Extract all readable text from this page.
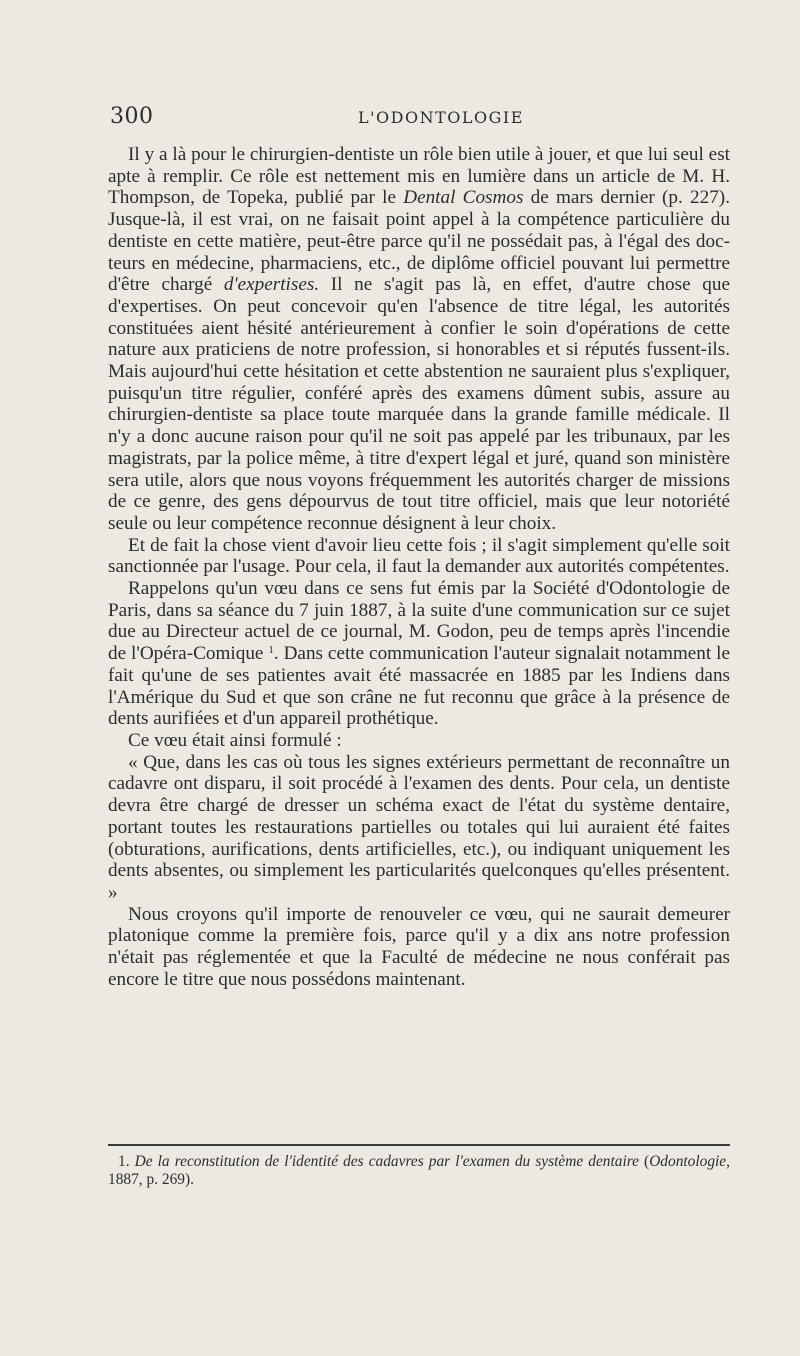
300	L'ODONTOLOGIE

Il y a là pour le chirurgien-dentiste un rôle bien utile à jouer, et que lui seul est apte à remplir. Ce rôle est nettement mis en lumière dans un article de M. H. Thompson, de Topeka, publié par le Dental Cosmos de mars dernier (p. 227). Jusque-là, il est vrai, on ne faisait point appel à la compétence particulière du dentiste en cette matière, peut-être parce qu'il ne possédait pas, à l'égal des docteurs en médecine, pharmaciens, etc., de diplôme officiel pouvant lui permettre d'être chargé d'expertises. Il ne s'agit pas là, en effet, d'autre chose que d'expertises. On peut concevoir qu'en l'absence de titre légal, les autorités constituées aient hésité antérieurement à confier le soin d'opérations de cette nature aux praticiens de notre profession, si honorables et si réputés fussent-ils. Mais aujourd'hui cette hésitation et cette abstention ne sauraient plus s'expliquer, puisqu'un titre régulier, conféré après des examens dûment subis, assure au chirurgien-dentiste sa place toute marquée dans la grande famille médicale. Il n'y a donc aucune raison pour qu'il ne soit pas appelé par les tribunaux, par les magistrats, par la police même, à titre d'expert légal et juré, quand son ministère sera utile, alors que nous voyons fréquemment les autorités charger de missions de ce genre, des gens dépourvus de tout titre officiel, mais que leur notoriété seule ou leur compétence reconnue désignent à leur choix.

Et de fait la chose vient d'avoir lieu cette fois ; il s'agit simplement qu'elle soit sanctionnée par l'usage. Pour cela, il faut la demander aux autorités compétentes.

Rappelons qu'un vœu dans ce sens fut émis par la Société d'Odontologie de Paris, dans sa séance du 7 juin 1887, à la suite d'une communication sur ce sujet due au Directeur actuel de ce journal, M. Godon, peu de temps après l'incendie de l'Opéra-Comique $^1$. Dans cette communication l'auteur signalait notamment le fait qu'une de ses patientes avait été massacrée en 1885 par les Indiens dans l'Amérique du Sud et que son crâne ne fut reconnu que grâce à la présence de dents aurifiées et d'un appareil prothétique.

Ce vœu était ainsi formulé :

« Que, dans les cas où tous les signes extérieurs permettant de reconnaître un cadavre ont disparu, il soit procédé à l'examen des dents. Pour cela, un dentiste devra être chargé de dresser un schéma exact de l'état du système dentaire, portant toutes les restaurations partielles ou totales qui lui auraient été faites (obturations, aurifications, dents artificielles, etc.), ou indiquant uniquement les dents absentes, ou simplement les particularités quelconques qu'elles présentent. »

Nous croyons qu'il importe de renouveler ce vœu, qui ne saurait demeurer platonique comme la première fois, parce qu'il y a dix ans notre profession n'était pas réglementée et que la Faculté de médecine ne nous conférait pas encore le titre que nous possédons maintenant.

1. De la reconstitution de l'identité des cadavres par l'examen du système dentaire (Odontologie, 1887, p. 269).
